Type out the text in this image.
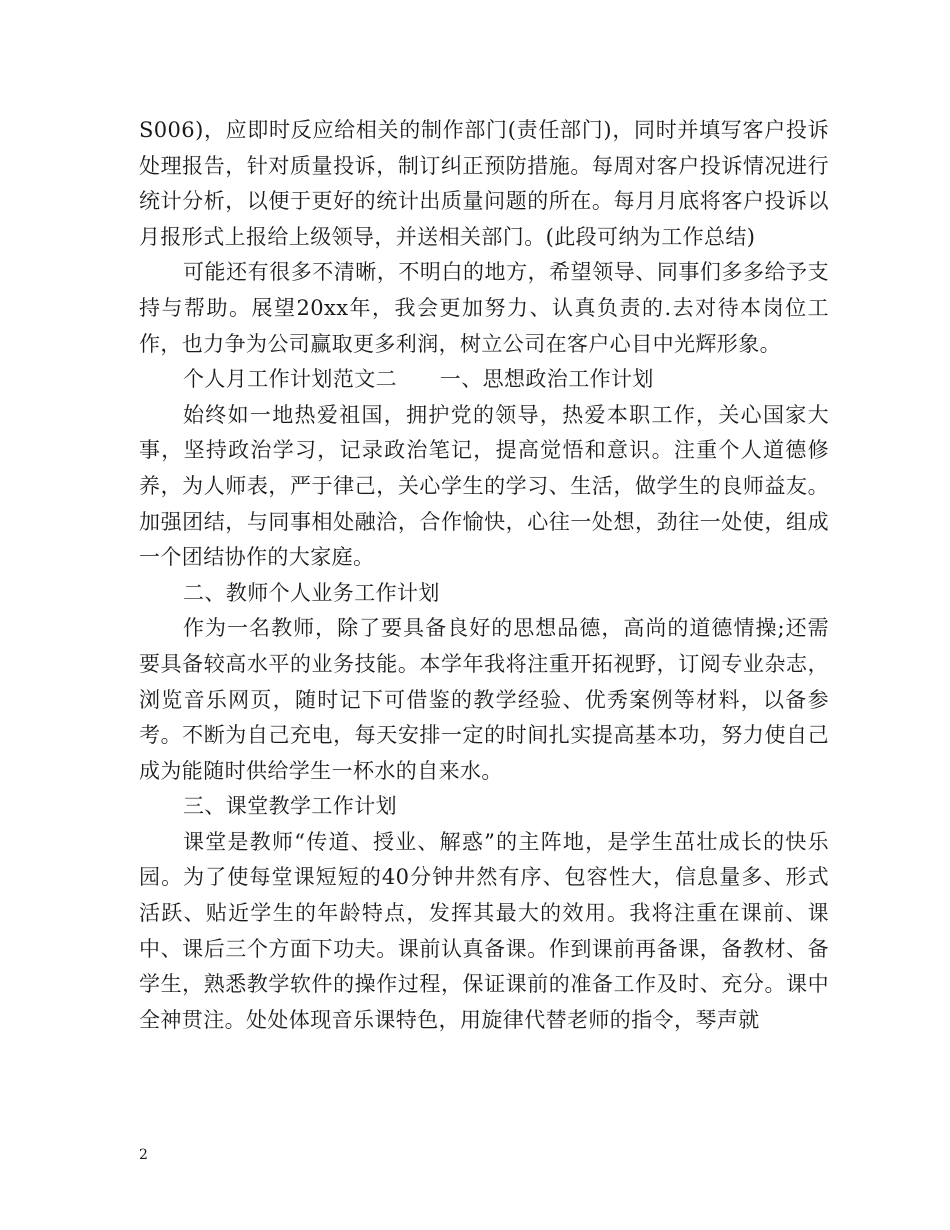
S006)，应即时反应给相关的制作部门(责任部门)，同时并填写客户投诉处理报告，针对质量投诉，制订纠正预防措施。每周对客户投诉情况进行统计分析，以便于更好的统计出质量问题的所在。每月月底将客户投诉以月报形式上报给上级领导，并送相关部门。(此段可纳为工作总结)

可能还有很多不清晰，不明白的地方，希望领导、同事们多多给予支持与帮助。展望20xx年，我会更加努力、认真负责的.去对待本岗位工作，也力争为公司赢取更多利润，树立公司在客户心目中光辉形象。

个人月工作计划范文二　　一、思想政治工作计划

始终如一地热爱祖国，拥护党的领导，热爱本职工作，关心国家大事，坚持政治学习，记录政治笔记，提高觉悟和意识。注重个人道德修养，为人师表，严于律己，关心学生的学习、生活，做学生的良师益友。加强团结，与同事相处融洽，合作愉快，心往一处想，劲往一处使，组成一个团结协作的大家庭。

二、教师个人业务工作计划

作为一名教师，除了要具备良好的思想品德，高尚的道德情操;还需要具备较高水平的业务技能。本学年我将注重开拓视野，订阅专业杂志，浏览音乐网页，随时记下可借鉴的教学经验、优秀案例等材料，以备参考。不断为自己充电，每天安排一定的时间扎实提高基本功，努力使自己成为能随时供给学生一杯水的自来水。

三、课堂教学工作计划

课堂是教师“传道、授业、解惑”的主阵地，是学生茁壮成长的快乐园。为了使每堂课短短的40分钟井然有序、包容性大，信息量多、形式活跃、贴近学生的年龄特点，发挥其最大的效用。我将注重在课前、课中、课后三个方面下功夫。课前认真备课。作到课前再备课，备教材、备学生，熟悉教学软件的操作过程，保证课前的准备工作及时、充分。课中全神贯注。处处体现音乐课特色，用旋律代替老师的指令，琴声就

2
